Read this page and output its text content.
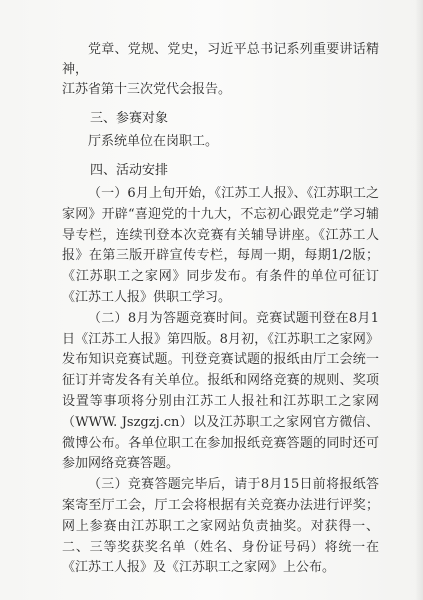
党章、党规、党史，习近平总书记系列重要讲话精神，

江苏省第十三次党代会报告。

三、参赛对象

厅系统单位在岗职工。

四、活动安排

（一）6月上旬开始，《江苏工人报》、《江苏职工之家网》开辟“喜迎党的十九大，不忘初心跟党走”学习辅导专栏，连续刊登本次竞赛有关辅导讲座。《江苏工人报》在第三版开辟宣传专栏，每周一期，每期1/2版；《江苏职工之家网》同步发布。有条件的单位可征订《江苏工人报》供职工学习。

（二）8月为答题竞赛时间。竞赛试题刊登在8月1日《江苏工人报》第四版。8月初，《江苏职工之家网》发布知识竞赛试题。刊登竞赛试题的报纸由厅工会统一征订并寄发各有关单位。报纸和网络竞赛的规则、奖项设置等事项将分别由江苏工人报社和江苏职工之家网（WWW. Jszgzj.cn）以及江苏职工之家网官方微信、微博公布。各单位职工在参加报纸竞赛答题的同时还可参加网络竞赛答题。

（三）竞赛答题完毕后，请于8月15日前将报纸答案寄至厅工会，厅工会将根据有关竞赛办法进行评奖；网上参赛由江苏职工之家网站负责抽奖。对获得一、二、三等奖获奖名单（姓名、身份证号码）将统一在《江苏工人报》及《江苏职工之家网》上公布。
